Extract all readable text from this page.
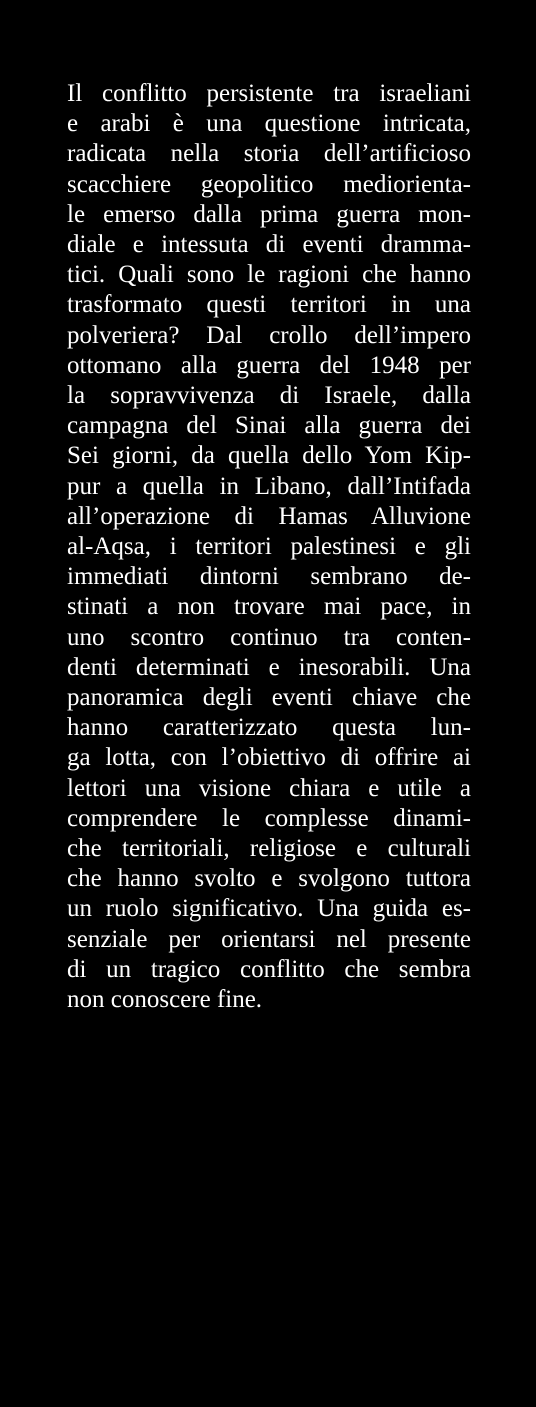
Il conflitto persistente tra israeliani
e arabi è una questione intricata,
radicata nella storia dell’artificioso
scacchiere geopolitico mediorienta-
le emerso dalla prima guerra mon-
diale e intessuta di eventi dramma-
tici. Quali sono le ragioni che hanno
trasformato questi territori in una
polveriera? Dal crollo dell’impero
ottomano alla guerra del 1948 per
la sopravvivenza di Israele, dalla
campagna del Sinai alla guerra dei
Sei giorni, da quella dello Yom Kip-
pur a quella in Libano, dall’Intifada
all’operazione di Hamas Alluvione
al-Aqsa, i territori palestinesi e gli
immediati dintorni sembrano de-
stinati a non trovare mai pace, in
uno scontro continuo tra conten-
denti determinati e inesorabili. Una
panoramica degli eventi chiave che
hanno caratterizzato questa lun-
ga lotta, con l’obiettivo di offrire ai
lettori una visione chiara e utile a
comprendere le complesse dinami-
che territoriali, religiose e culturali
che hanno svolto e svolgono tuttora
un ruolo significativo. Una guida es-
senziale per orientarsi nel presente
di un tragico conflitto che sembra
non conoscere fine.
